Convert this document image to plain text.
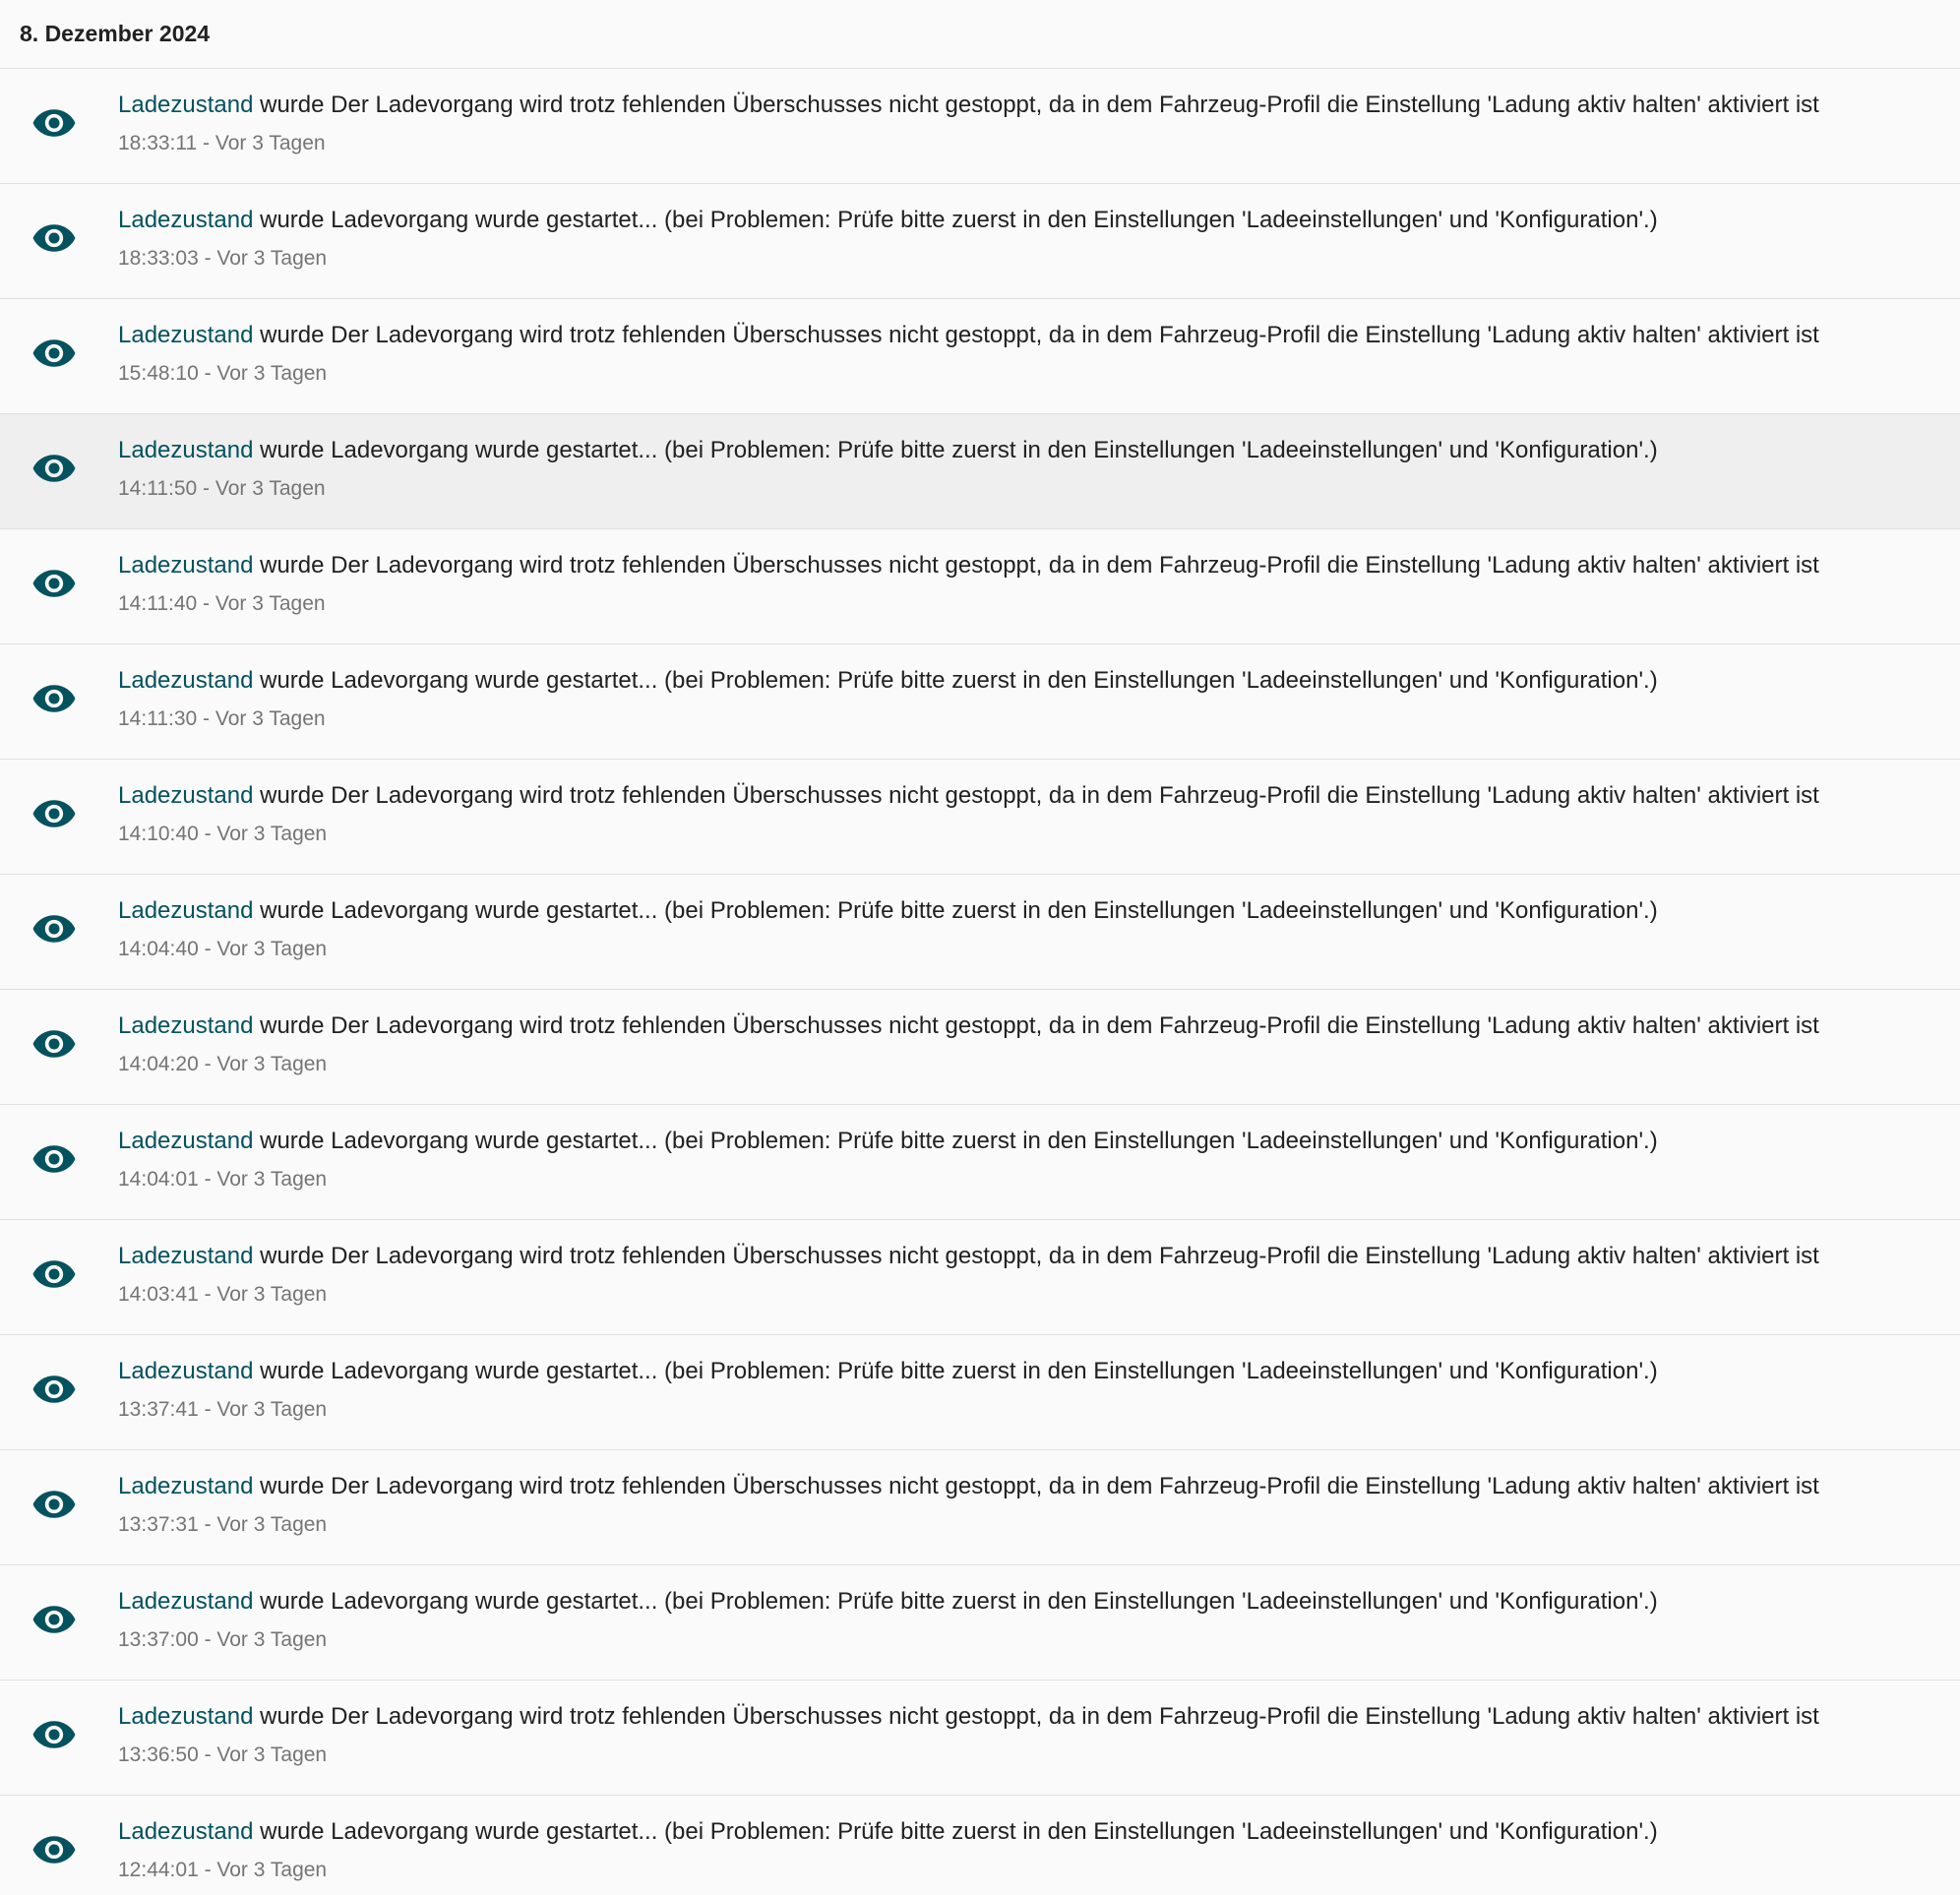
8. Dezember 2024
Ladezustand wurde Der Ladevorgang wird trotz fehlenden Überschusses nicht gestoppt, da in dem Fahrzeug-Profil die Einstellung 'Ladung aktiv halten' aktiviert ist
18:33:11 - Vor 3 Tagen
Ladezustand wurde Ladevorgang wurde gestartet... (bei Problemen: Prüfe bitte zuerst in den Einstellungen 'Ladeeinstellungen' und 'Konfiguration'.)
18:33:03 - Vor 3 Tagen
Ladezustand wurde Der Ladevorgang wird trotz fehlenden Überschusses nicht gestoppt, da in dem Fahrzeug-Profil die Einstellung 'Ladung aktiv halten' aktiviert ist
15:48:10 - Vor 3 Tagen
Ladezustand wurde Ladevorgang wurde gestartet... (bei Problemen: Prüfe bitte zuerst in den Einstellungen 'Ladeeinstellungen' und 'Konfiguration'.)
14:11:50 - Vor 3 Tagen
Ladezustand wurde Der Ladevorgang wird trotz fehlenden Überschusses nicht gestoppt, da in dem Fahrzeug-Profil die Einstellung 'Ladung aktiv halten' aktiviert ist
14:11:40 - Vor 3 Tagen
Ladezustand wurde Ladevorgang wurde gestartet... (bei Problemen: Prüfe bitte zuerst in den Einstellungen 'Ladeeinstellungen' und 'Konfiguration'.)
14:11:30 - Vor 3 Tagen
Ladezustand wurde Der Ladevorgang wird trotz fehlenden Überschusses nicht gestoppt, da in dem Fahrzeug-Profil die Einstellung 'Ladung aktiv halten' aktiviert ist
14:10:40 - Vor 3 Tagen
Ladezustand wurde Ladevorgang wurde gestartet... (bei Problemen: Prüfe bitte zuerst in den Einstellungen 'Ladeeinstellungen' und 'Konfiguration'.)
14:04:40 - Vor 3 Tagen
Ladezustand wurde Der Ladevorgang wird trotz fehlenden Überschusses nicht gestoppt, da in dem Fahrzeug-Profil die Einstellung 'Ladung aktiv halten' aktiviert ist
14:04:20 - Vor 3 Tagen
Ladezustand wurde Ladevorgang wurde gestartet... (bei Problemen: Prüfe bitte zuerst in den Einstellungen 'Ladeeinstellungen' und 'Konfiguration'.)
14:04:01 - Vor 3 Tagen
Ladezustand wurde Der Ladevorgang wird trotz fehlenden Überschusses nicht gestoppt, da in dem Fahrzeug-Profil die Einstellung 'Ladung aktiv halten' aktiviert ist
14:03:41 - Vor 3 Tagen
Ladezustand wurde Ladevorgang wurde gestartet... (bei Problemen: Prüfe bitte zuerst in den Einstellungen 'Ladeeinstellungen' und 'Konfiguration'.)
13:37:41 - Vor 3 Tagen
Ladezustand wurde Der Ladevorgang wird trotz fehlenden Überschusses nicht gestoppt, da in dem Fahrzeug-Profil die Einstellung 'Ladung aktiv halten' aktiviert ist
13:37:31 - Vor 3 Tagen
Ladezustand wurde Ladevorgang wurde gestartet... (bei Problemen: Prüfe bitte zuerst in den Einstellungen 'Ladeeinstellungen' und 'Konfiguration'.)
13:37:00 - Vor 3 Tagen
Ladezustand wurde Der Ladevorgang wird trotz fehlenden Überschusses nicht gestoppt, da in dem Fahrzeug-Profil die Einstellung 'Ladung aktiv halten' aktiviert ist
13:36:50 - Vor 3 Tagen
Ladezustand wurde Ladevorgang wurde gestartet... (bei Problemen: Prüfe bitte zuerst in den Einstellungen 'Ladeeinstellungen' und 'Konfiguration'.)
12:44:01 - Vor 3 Tagen
